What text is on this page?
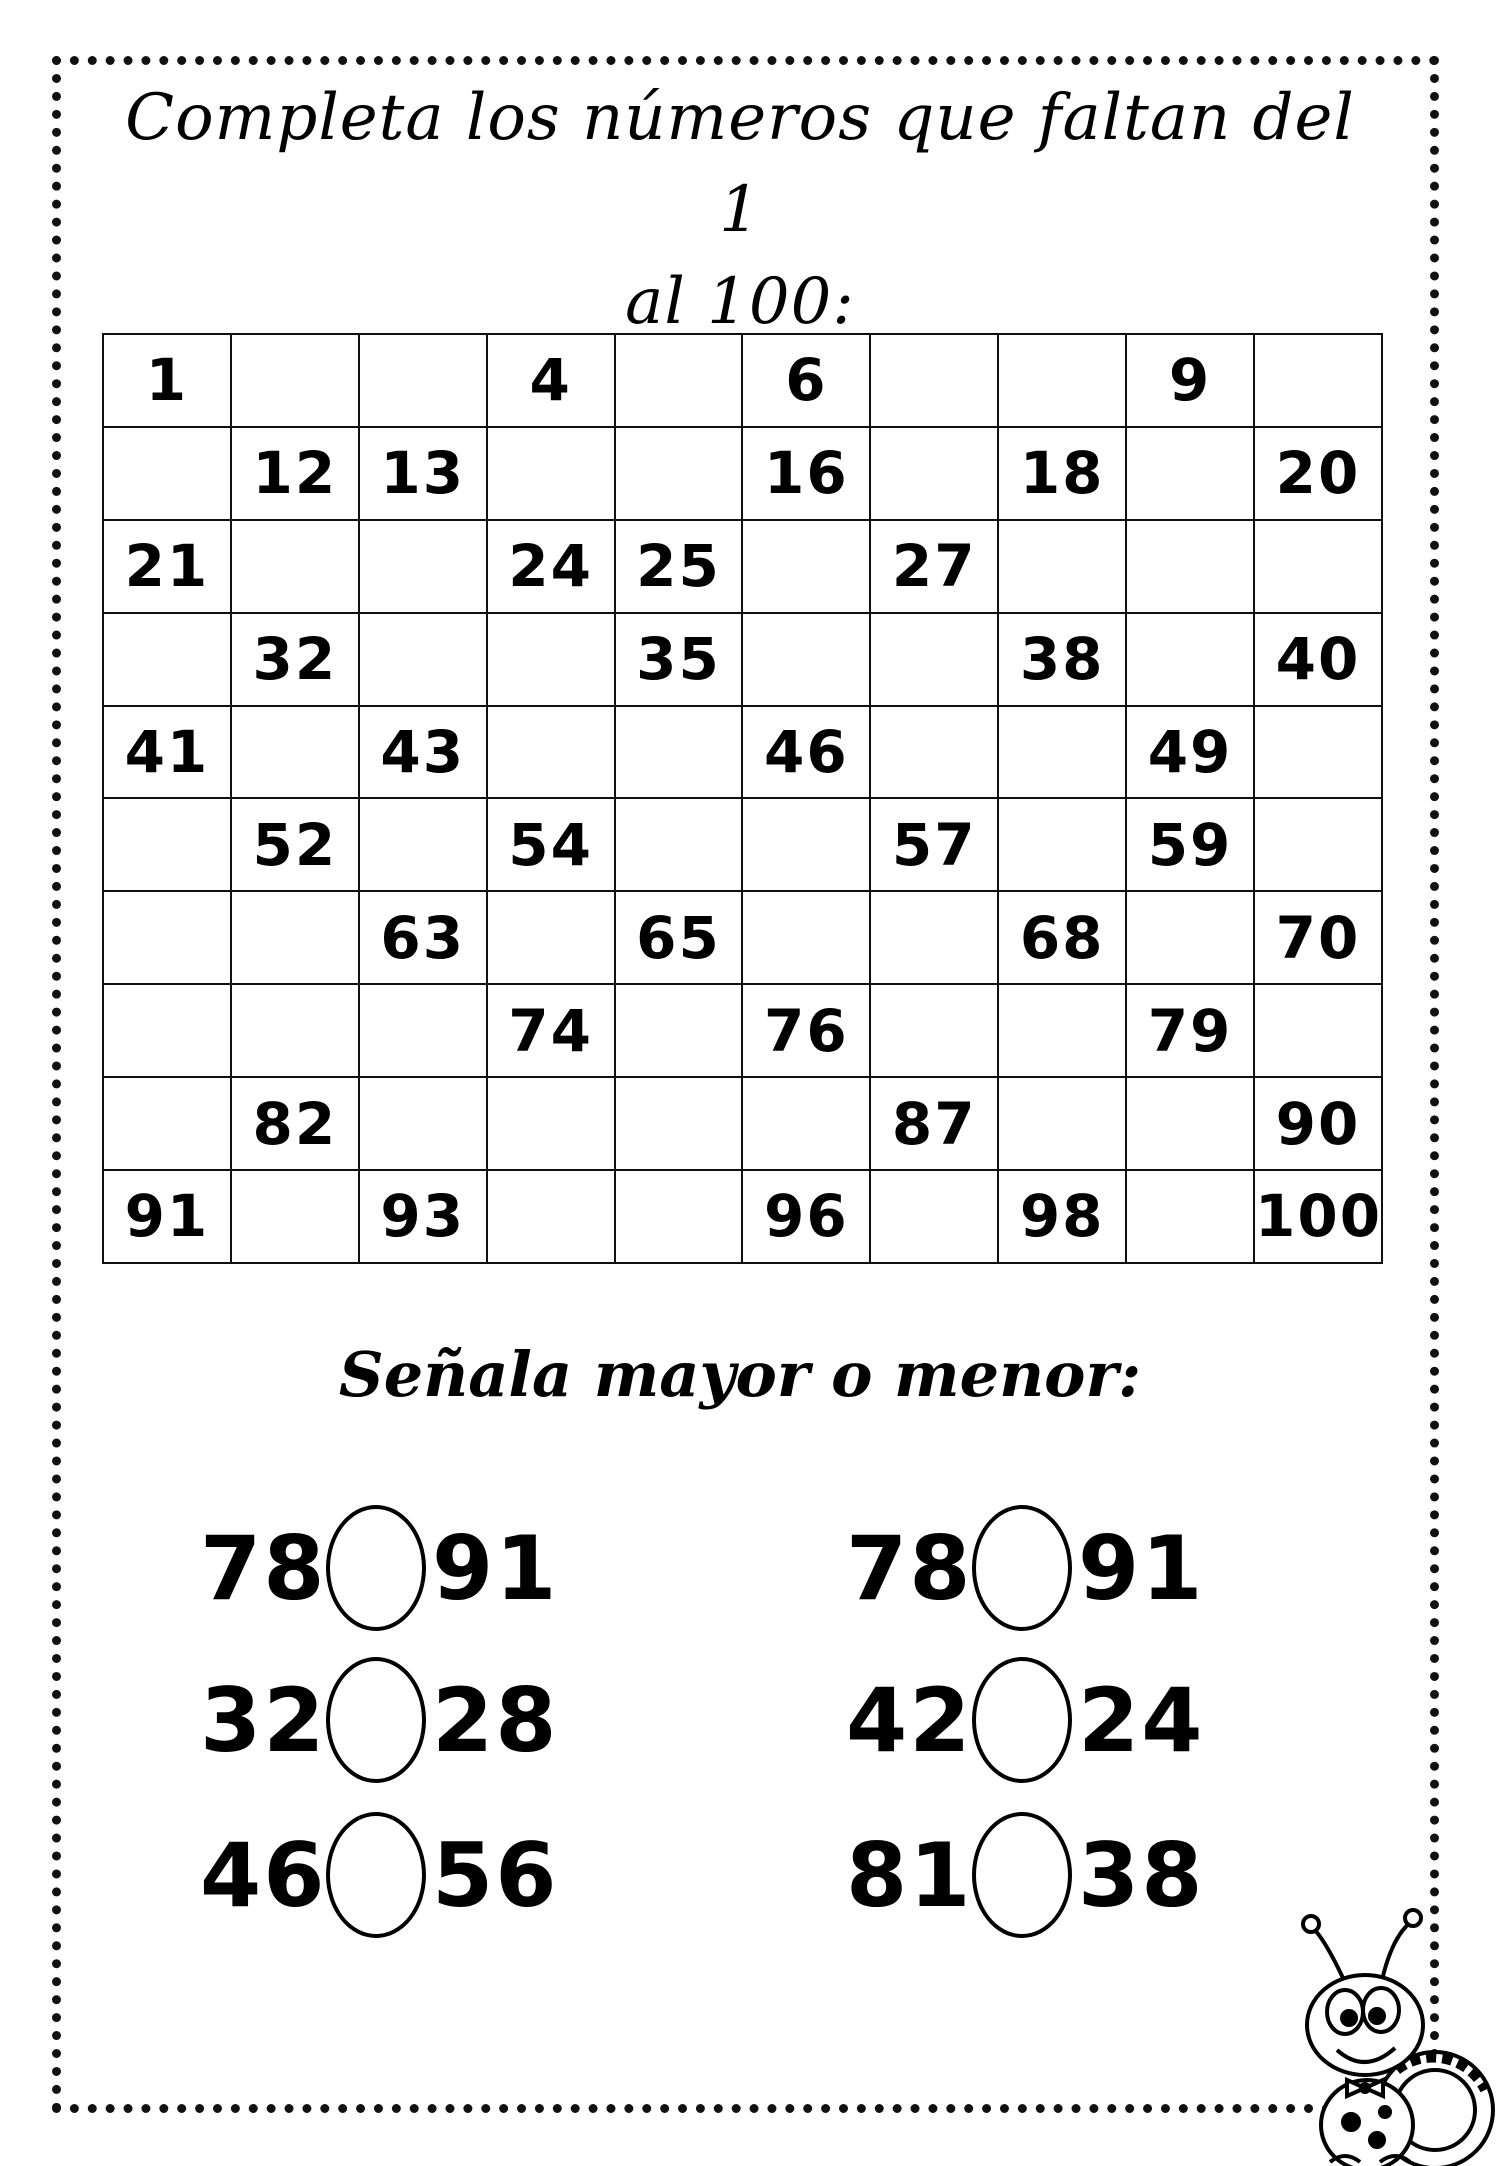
Completa los números que faltan del 1
al 100:
1			4		6			9	
	12	13			16		18		20
21			24	25		27			
	32			35			38		40
41		43			46			49	
	52		54			57		59	
		63		65			68		70
			74		76			79	
	82					87			90
91		93			96		98		100
Señala mayor o menor:
78 91
32 28
46 56
78 91
42 24
81 38
